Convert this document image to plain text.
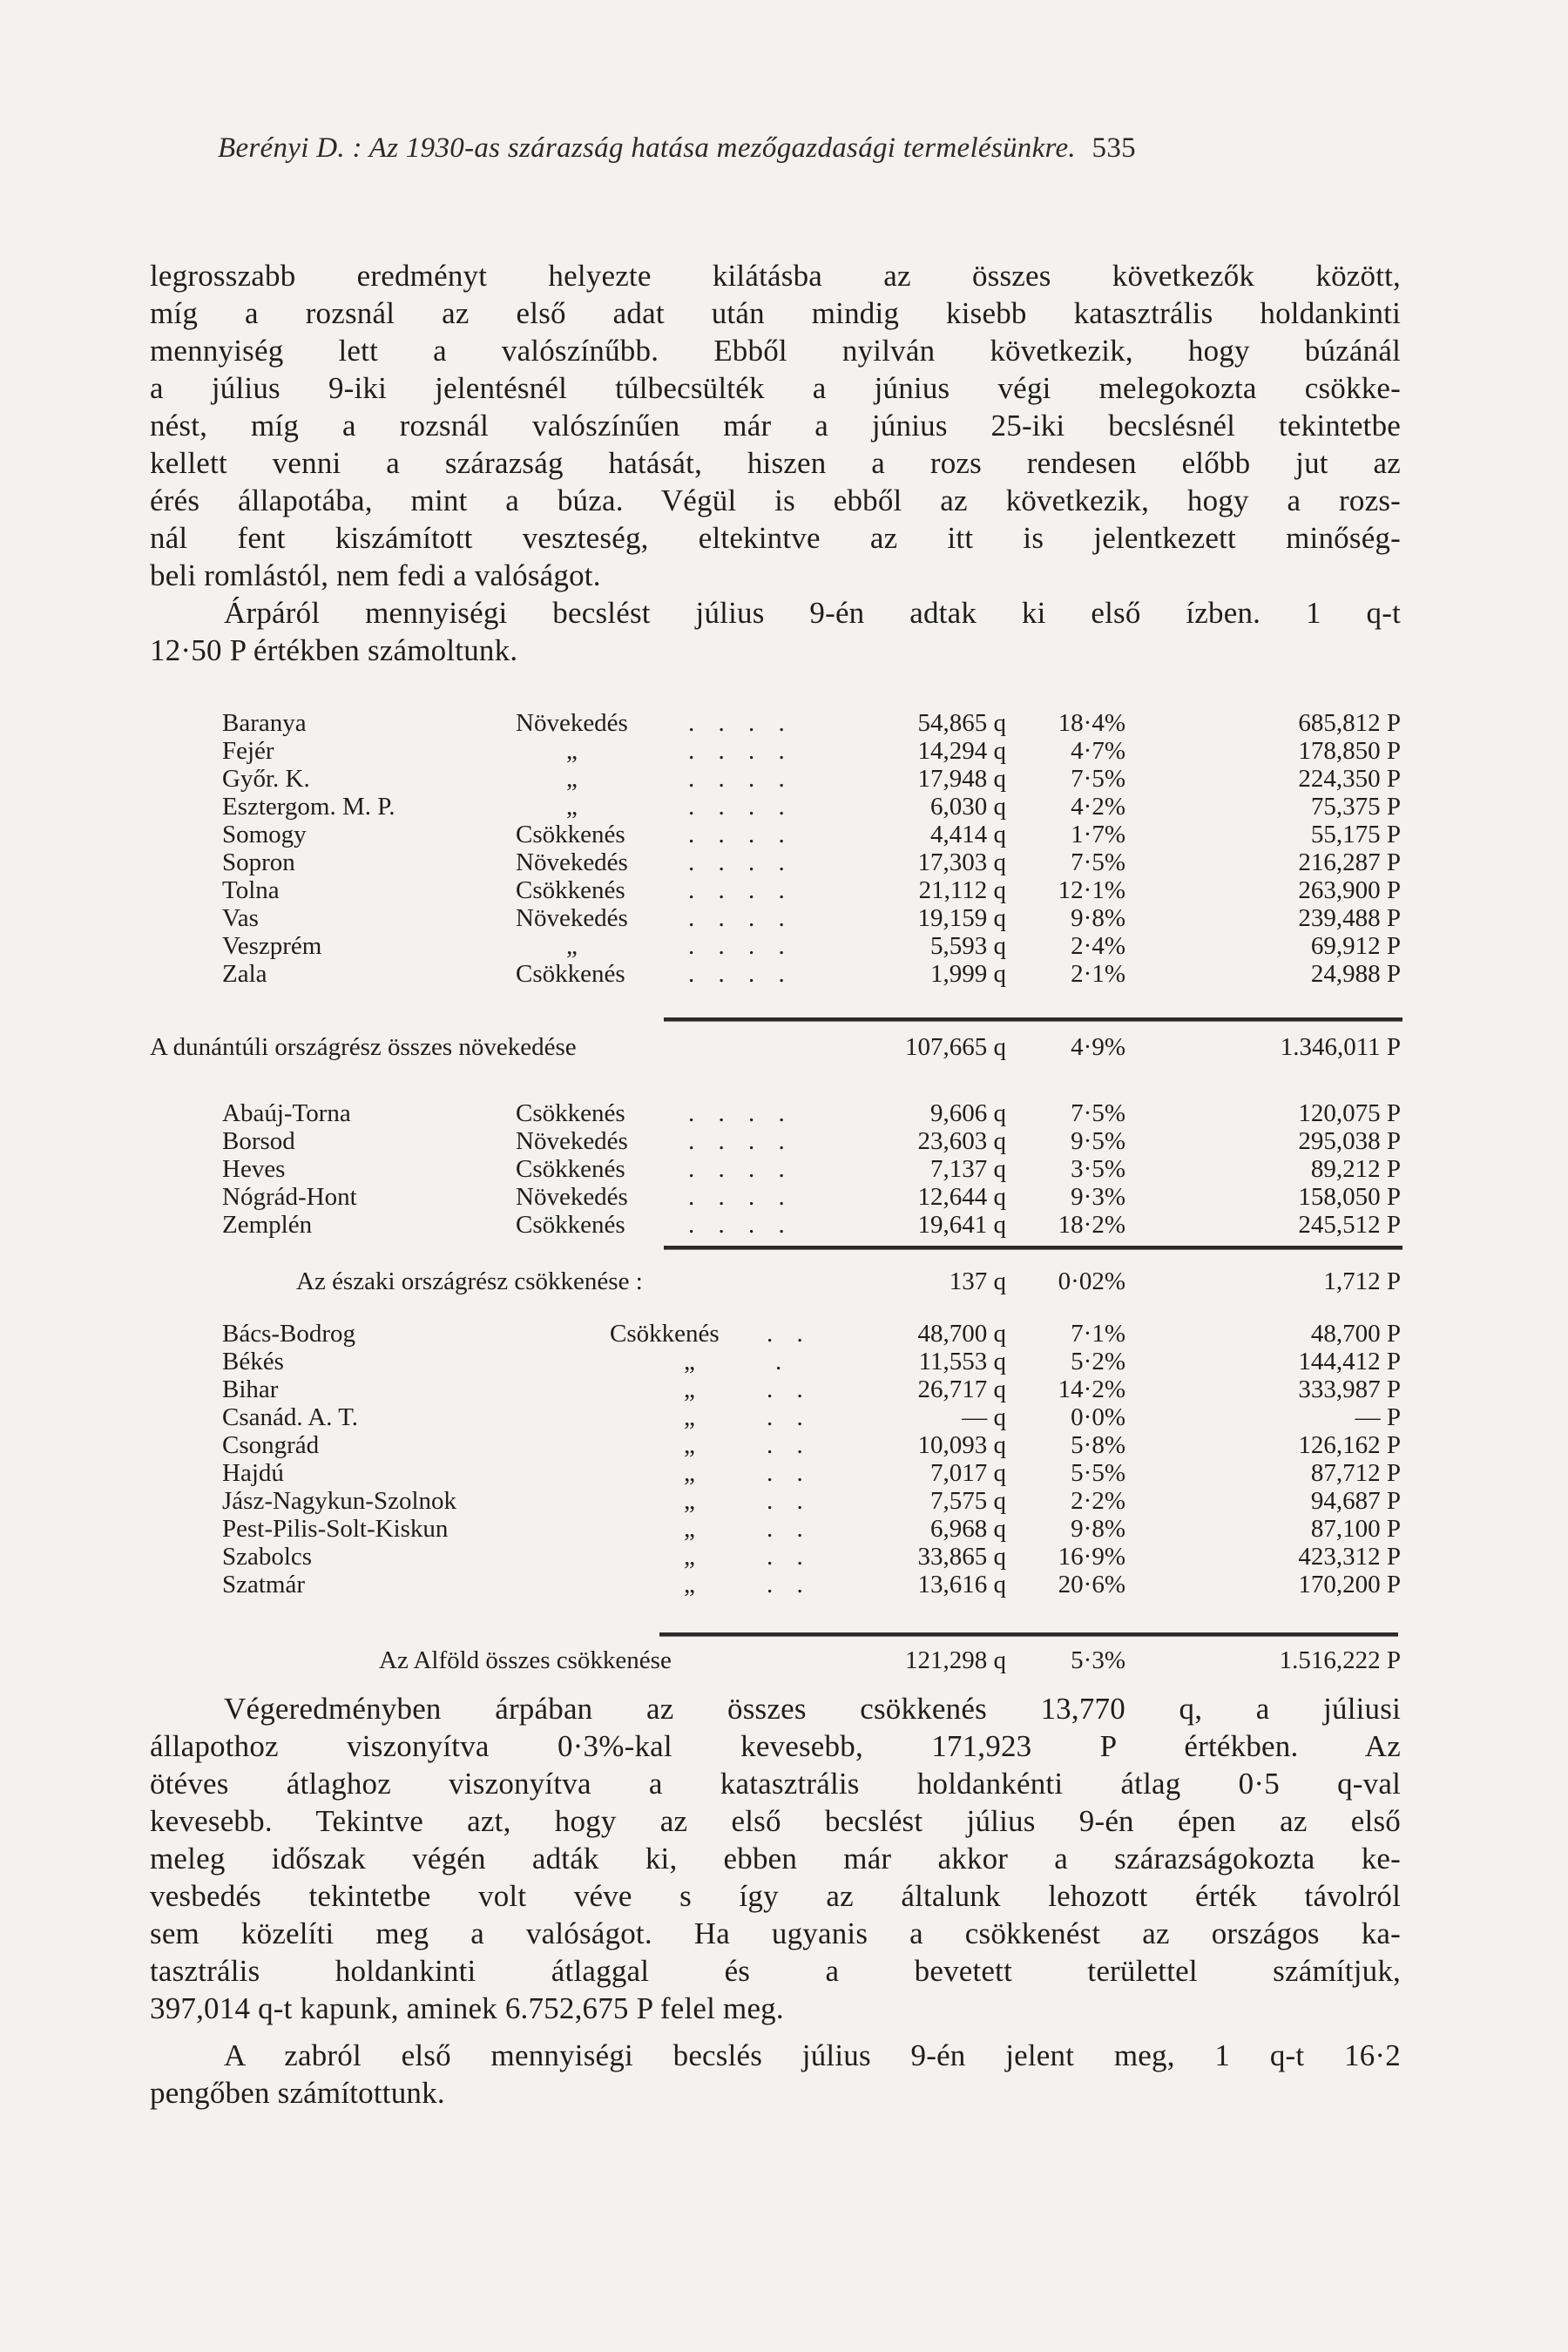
Berényi D. : Az 1930-as szárazság hatása mezőgazdasági termelésünkre. 535
legrosszabb eredményt helyezte kilátásba az összes következők között,
míg a rozsnál az első adat után mindig kisebb katasztrális holdankinti
mennyiség lett a valószínűbb. Ebből nyilván következik, hogy búzánál
a július 9-iki jelentésnél túlbecsülték a június végi melegokozta csökke-
nést, míg a rozsnál valószínűen már a június 25-iki becslésnél tekintetbe
kellett venni a szárazság hatását, hiszen a rozs rendesen előbb jut az
érés állapotába, mint a búza. Végül is ebből az következik, hogy a rozs-
nál fent kiszámított veszteség, eltekintve az itt is jelentkezett minőség-
beli romlástól, nem fedi a valóságot.
Árpáról mennyiségi becslést július 9-én adtak ki első ízben. 1 q-t
12·50 P értékben számoltunk.
Baranya	Növekedés . . . .	54,865 q	18·4%	685,812 P
Fejér	„	. . . .	14,294 q	4·7%	178,850 P
Győr. K.	„	. . . .	17,948 q	7·5%	224,350 P
Esztergom. M. P.	„	. . . .	6,030 q	4·2%	75,375 P
Somogy	Csökkenés . . . .	4,414 q	1·7%	55,175 P
Sopron	Növekedés . . . .	17,303 q	7·5%	216,287 P
Tolna	Csökkenés . . . .	21,112 q	12·1%	263,900 P
Vas	Növekedés . . . .	19,159 q	9·8%	239,488 P
Veszprém	„	. . . .	5,593 q	2·4%	69,912 P
Zala	Csökkenés . . . .	1,999 q	2·1%	24,988 P
A dunántúli országrész összes növekedése	107,665 q	4·9%	1.346,011 P
Abaúj-Torna	Csökkenés . . . .	9,606 q	7·5%	120,075 P
Borsod	Növekedés . . . .	23,603 q	9·5%	295,038 P
Heves	Csökkenés . . . .	7,137 q	3·5%	89,212 P
Nógrád-Hont	Növekedés . . . .	12,644 q	9·3%	158,050 P
Zemplén	Csökkenés . . . .	19,641 q	18·2%	245,512 P
Az északi országrész csökkenése :	137 q	0·02%	1,712 P
Bács-Bodrog	Csökkenés . .	48,700 q	7·1%	48,700 P
Békés	„	.	11,553 q	5·2%	144,412 P
Bihar	„	. .	26,717 q	14·2%	333,987 P
Csanád. A. T.	„	. .	— q	0·0%	— P
Csongrád	„	. .	10,093 q	5·8%	126,162 P
Hajdú	„	. .	7,017 q	5·5%	87,712 P
Jász-Nagykun-Szolnok	„	. .	7,575 q	2·2%	94,687 P
Pest-Pilis-Solt-Kiskun	„	. .	6,968 q	9·8%	87,100 P
Szabolcs	„	. .	33,865 q	16·9%	423,312 P
Szatmár	„	. .	13,616 q	20·6%	170,200 P
Az Alföld összes csökkenése	121,298 q	5·3%	1.516,222 P
Végeredményben árpában az összes csökkenés 13,770 q, a júliusi
állapothoz viszonyítva 0·3%-kal kevesebb, 171,923 P értékben. Az
ötéves átlaghoz viszonyítva a katasztrális holdankénti átlag 0·5 q-val
kevesebb. Tekintve azt, hogy az első becslést július 9-én épen az első
meleg időszak végén adták ki, ebben már akkor a szárazságokozta ke-
vesbedés tekintetbe volt véve s így az általunk lehozott érték távolról
sem közelíti meg a valóságot. Ha ugyanis a csökkenést az országos ka-
tasztrális holdankinti átlaggal és a bevetett területtel számítjuk,
397,014 q-t kapunk, aminek 6.752,675 P felel meg.
A zabról első mennyiségi becslés július 9-én jelent meg, 1 q-t 16·2
pengőben számítottunk.
